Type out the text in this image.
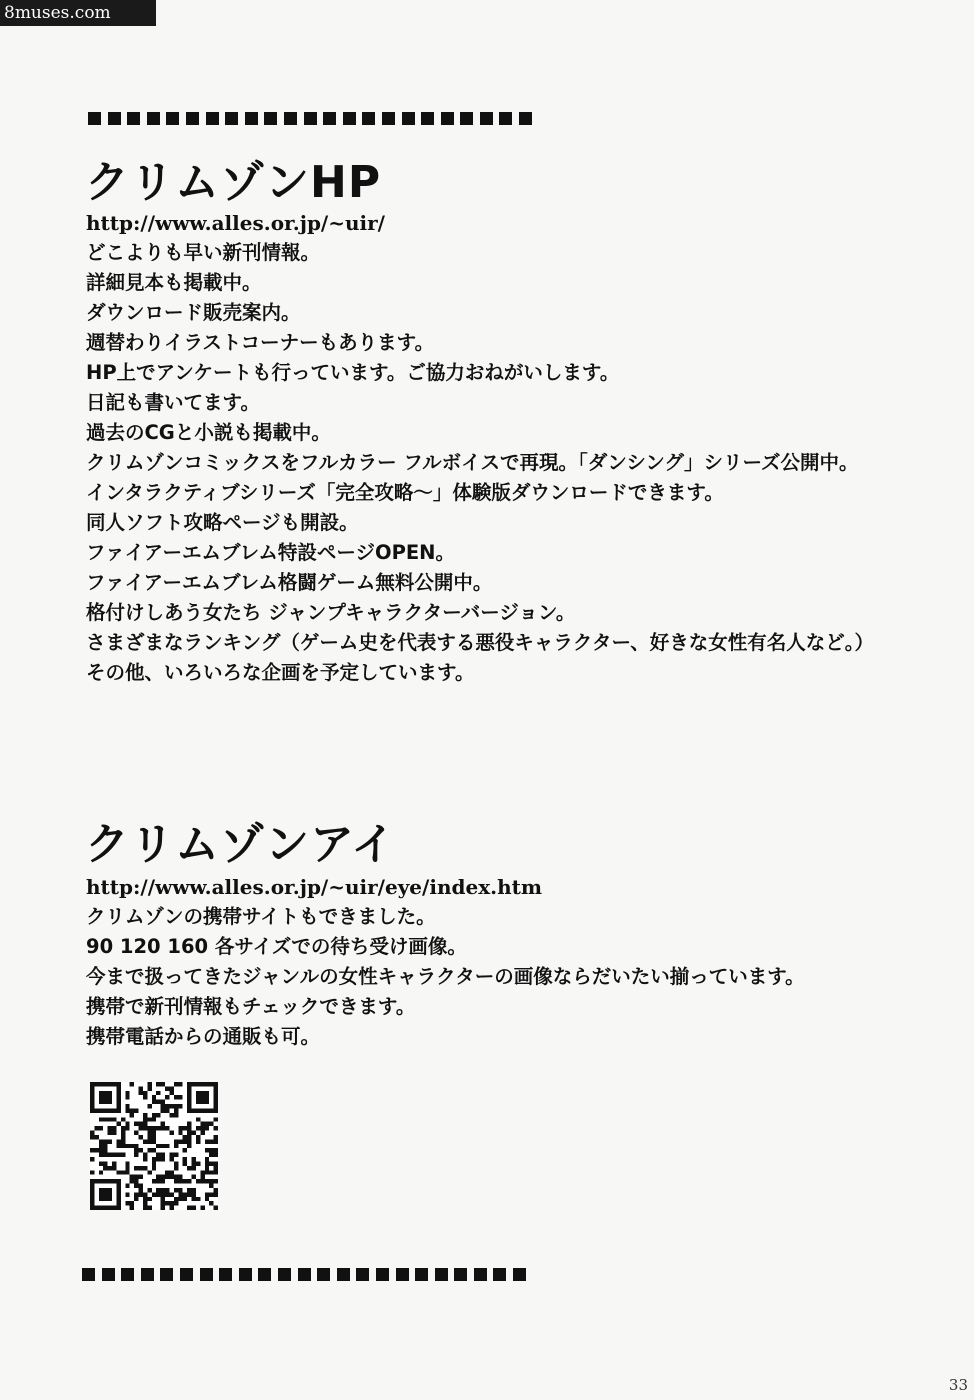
8muses.com
クリムゾンHP
http://www.alles.or.jp/~uir/
どこよりも早い新刊情報。
詳細見本も掲載中。
ダウンロード販売案内。
週替わりイラストコーナーもあります。
HP上でアンケートも行っています。ご協力おねがいします。
日記も書いてます。
過去のCGと小説も掲載中。
クリムゾンコミックスをフルカラー フルボイスで再現。「ダンシング」シリーズ公開中。
インタラクティブシリーズ「完全攻略～」体験版ダウンロードできます。
同人ソフト攻略ページも開設。
ファイアーエムブレム特設ページOPEN。
ファイアーエムブレム格闘ゲーム無料公開中。
格付けしあう女たち ジャンプキャラクターバージョン。
さまざまなランキング（ゲーム史を代表する悪役キャラクター、好きな女性有名人など。）
その他、いろいろな企画を予定しています。
クリムゾンアイ
http://www.alles.or.jp/~uir/eye/index.htm
クリムゾンの携帯サイトもできました。
90 120 160 各サイズでの待ち受け画像。
今まで扱ってきたジャンルの女性キャラクターの画像ならだいたい揃っています。
携帯で新刊情報もチェックできます。
携帯電話からの通販も可。
33
